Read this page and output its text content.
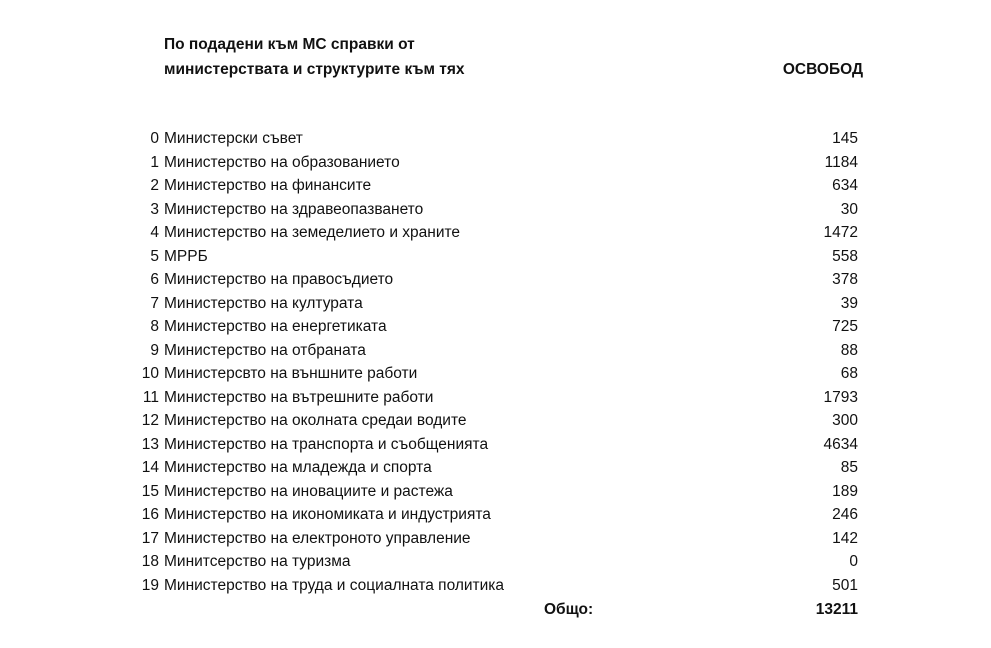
По подадени към МС справки от
министерствата и структурите към тях	ОСВОБОД
0 Министерски съвет	145
1 Министерство на образованието	1184
2 Министерство на финансите	634
3 Министерство на здравеопазването	30
4 Министерство на земеделието и храните	1472
5 МРРБ	558
6 Министерство на правосъдието	378
7 Министерство на културата	39
8 Министерство на енергетиката	725
9 Министерство на отбраната	88
10 Министерсвто на външните работи	68
11 Министерство на вътрешните работи	1793
12 Министерство на околната средаи водите	300
13 Министерство на транспорта и съобщенията	4634
14 Министерство на младежда и спорта	85
15 Министерство на иновациите и растежа	189
16 Министерство на икономиката и индустрията	246
17 Министерство на електроното управление	142
18 Минитсерство на туризма	0
19 Министерство на труда и социалната политика	501
Общо:	13211
